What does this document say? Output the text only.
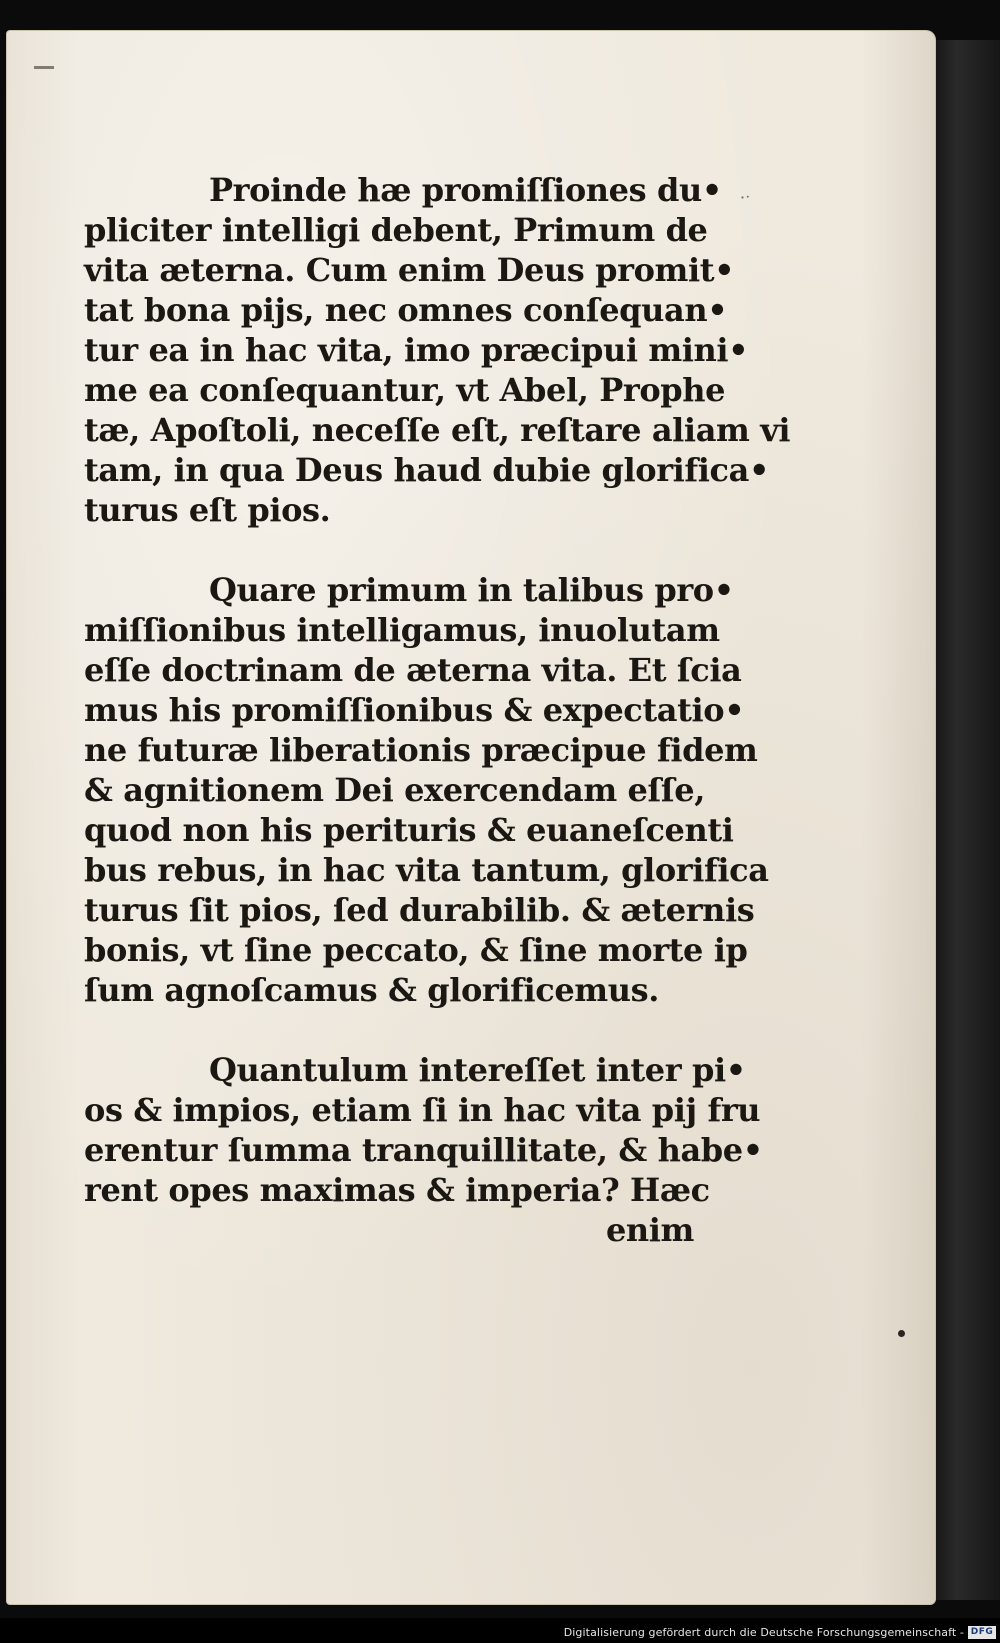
·ˑ
Proinde hæ promiſſiones du•
pliciter intelligi debent, Primum de
vita æterna. Cum enim Deus promit•
tat bona pijs, nec omnes conſequan•
tur ea in hac vita, imo præcipui mini•
me ea conſequantur, vt Abel, Prophe
tæ, Apoſtoli, neceſſe eſt, reſtare aliam vi
tam, in qua Deus haud dubie glorifica•
turus eſt pios.
Quare primum in talibus pro•
miſſionibus intelligamus, inuolutam
eſſe doctrinam de æterna vita. Et ſcia
mus his promiſſionibus & expectatio•
ne futuræ liberationis præcipue fidem
& agnitionem Dei exercendam eſſe,
quod non his perituris & euaneſcenti
bus rebus, in hac vita tantum, glorifica
turus ſit pios, ſed durabilib. & æternis
bonis, vt ſine peccato, & ſine morte ip
ſum agnoſcamus & glorificemus.
Quantulum intereſſet inter pi•
os & impios, etiam ſi in hac vita pij fru
erentur ſumma tranquillitate, & habe•
rent opes maximas & imperia? Hæc
enim
Digitalisierung gefördert durch die Deutsche Forschungsgemeinschaft - DFG
